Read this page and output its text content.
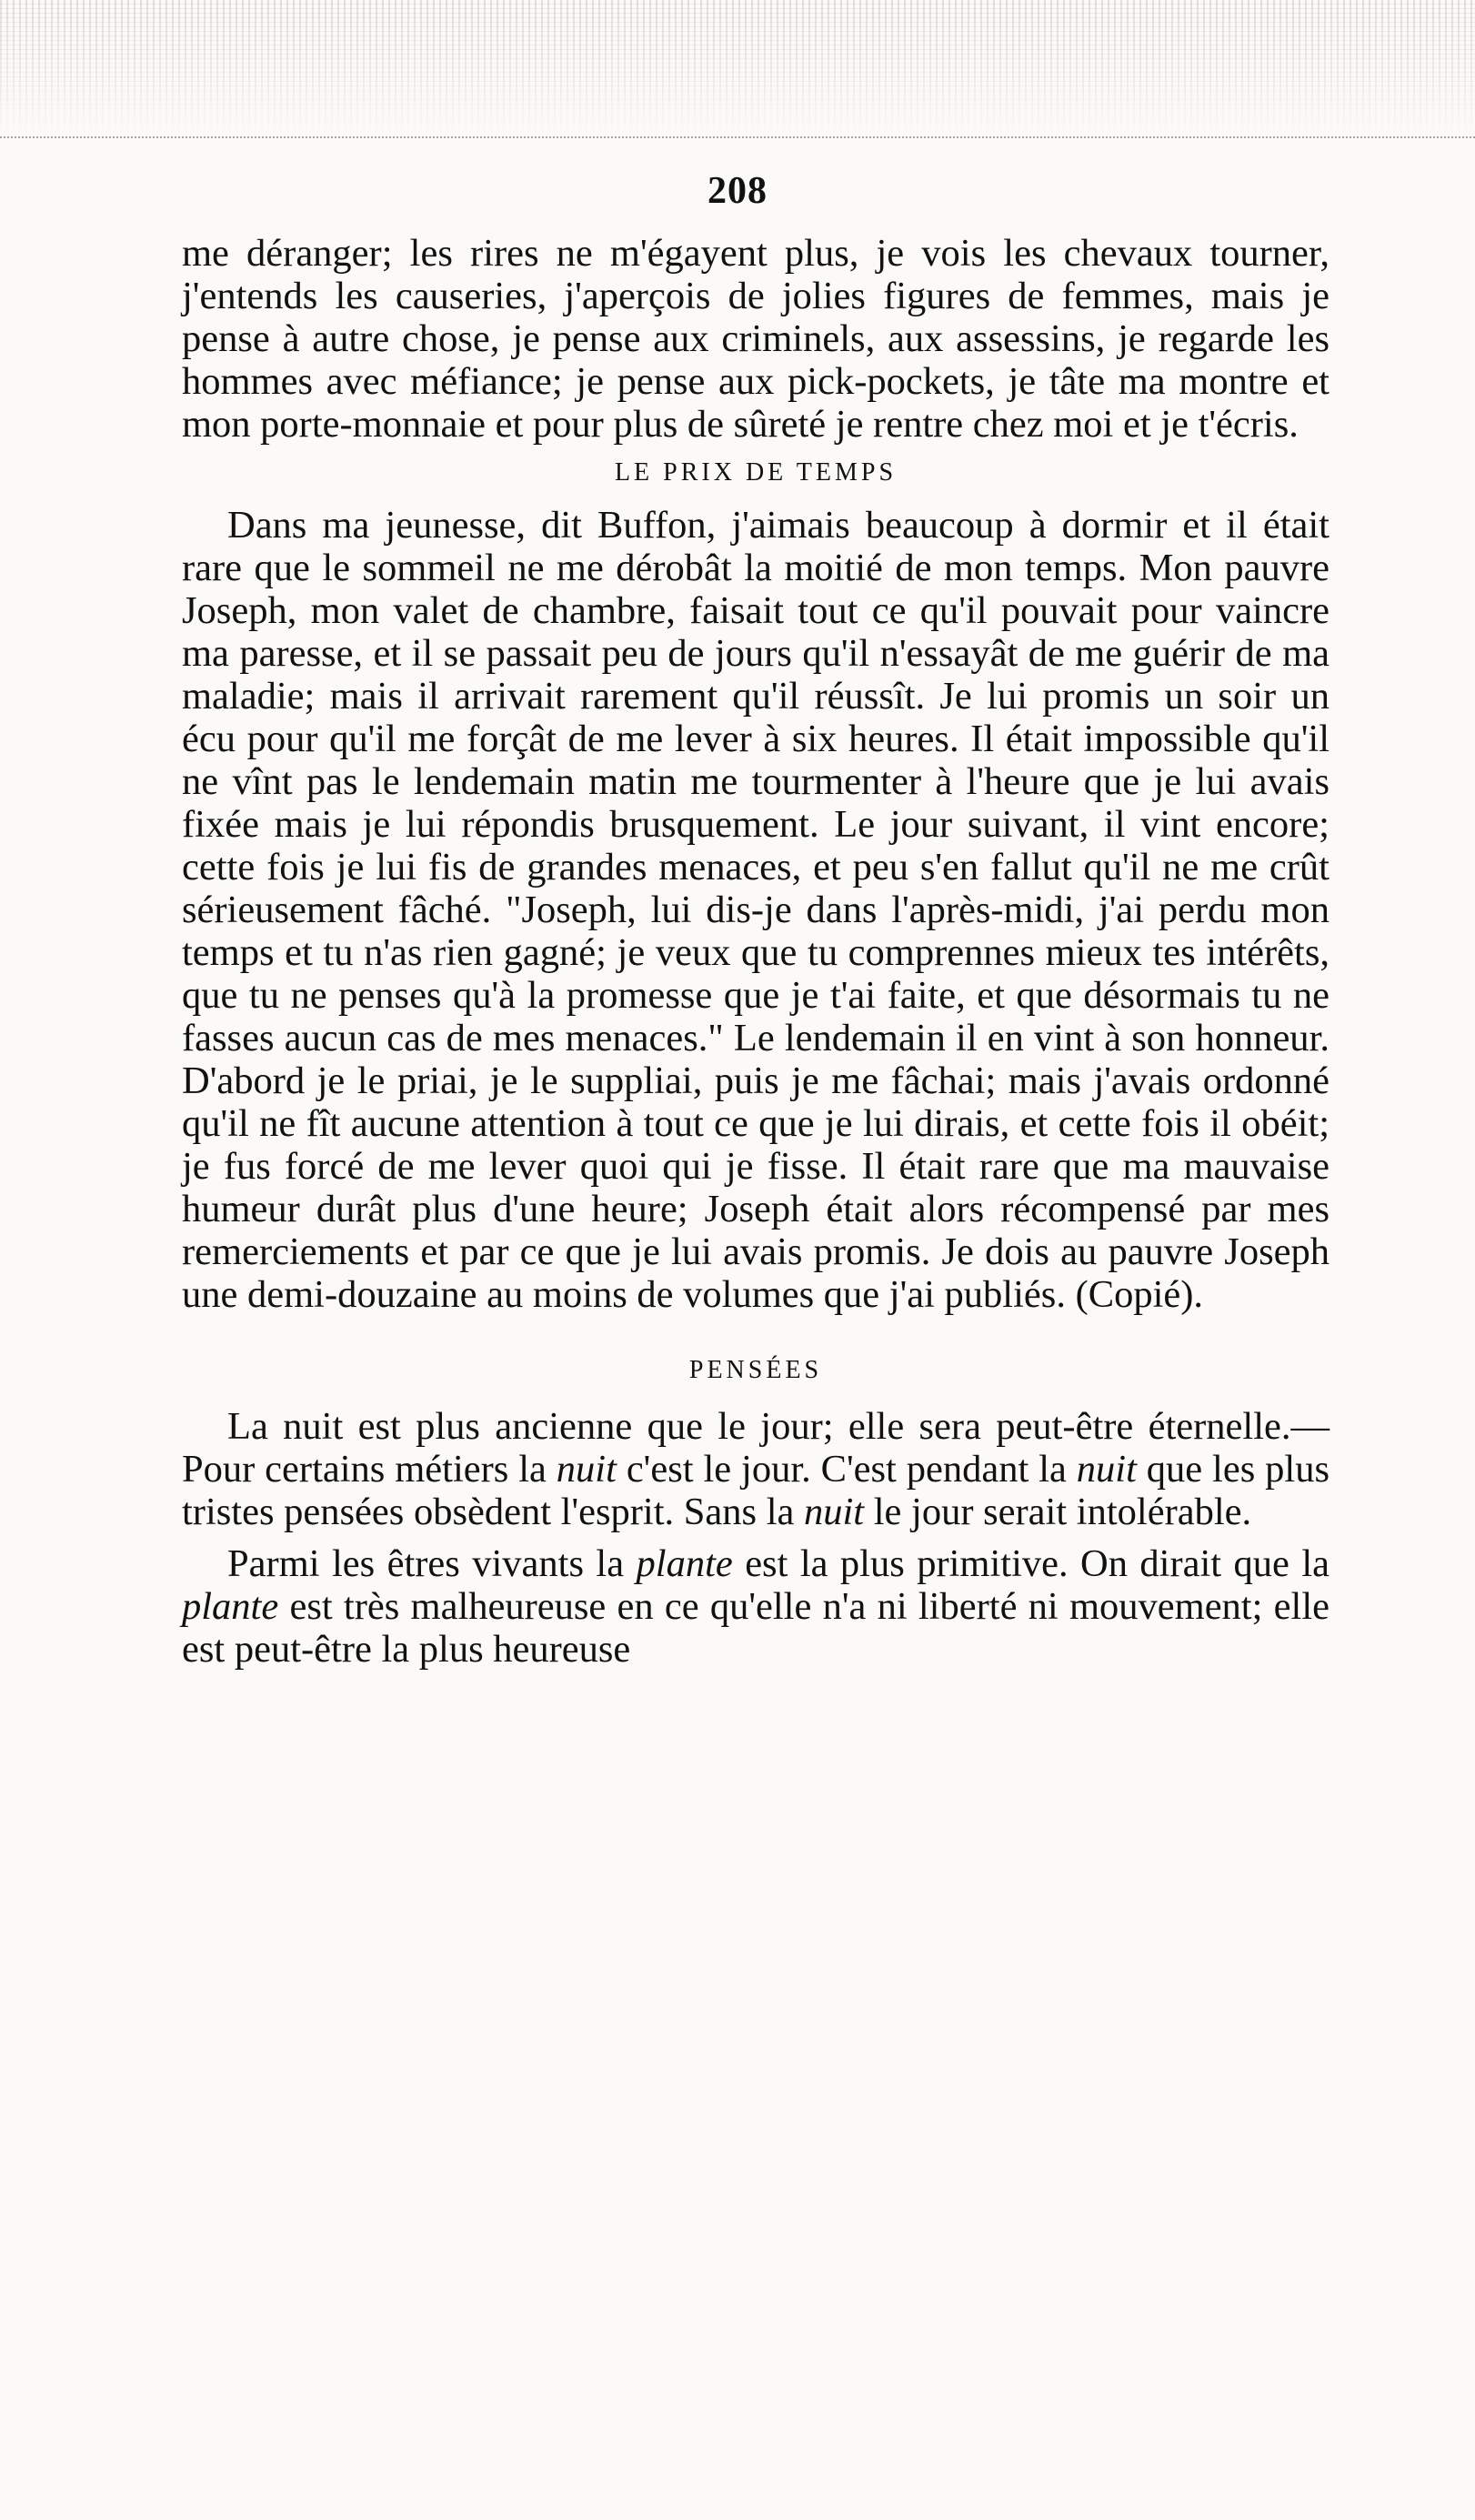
208

me déranger; les rires ne m'égayent plus, je vois les chevaux tourner, j'entends les causeries, j'aperçois de jolies figures de femmes, mais je pense à autre chose, je pense aux criminels, aux assessins, je regarde les hommes avec méfiance; je pense aux pick-pockets, je tâte ma montre et mon porte-monnaie et pour plus de sûreté je rentre chez moi et je t'écris.

LE PRIX DE TEMPS

Dans ma jeunesse, dit Buffon, j'aimais beaucoup à dormir et il était rare que le sommeil ne me dérobât la moitié de mon temps. Mon pauvre Joseph, mon valet de chambre, faisait tout ce qu'il pouvait pour vaincre ma paresse, et il se passait peu de jours qu'il n'essayât de me guérir de ma maladie; mais il arrivait rarement qu'il réussît. Je lui promis un soir un écu pour qu'il me forçât de me lever à six heures. Il était impossible qu'il ne vînt pas le lendemain matin me tourmenter à l'heure que je lui avais fixée mais je lui répondis brusquement. Le jour suivant, il vint encore; cette fois je lui fis de grandes menaces, et peu s'en fallut qu'il ne me crût sérieusement fâché. "Joseph, lui dis-je dans l'après-midi, j'ai perdu mon temps et tu n'as rien gagné; je veux que tu comprennes mieux tes intérêts, que tu ne penses qu'à la promesse que je t'ai faite, et que désormais tu ne fasses aucun cas de mes menaces." Le lendemain il en vint à son honneur. D'abord je le priai, je le suppliai, puis je me fâchai; mais j'avais ordonné qu'il ne fît aucune attention à tout ce que je lui dirais, et cette fois il obéit; je fus forcé de me lever quoi qui je fisse. Il était rare que ma mauvaise humeur durât plus d'une heure; Joseph était alors récompensé par mes remerciements et par ce que je lui avais promis. Je dois au pauvre Joseph une demi-douzaine au moins de volumes que j'ai publiés. (Copié).

PENSÉES

La nuit est plus ancienne que le jour; elle sera peut-être éternelle.—Pour certains métiers la nuit c'est le jour. C'est pendant la nuit que les plus tristes pensées obsèdent l'esprit. Sans la nuit le jour serait intolérable.

Parmi les êtres vivants la plante est la plus primitive. On dirait que la plante est très malheureuse en ce qu'elle n'a ni liberté ni mouvement; elle est peut-être la plus heureuse
